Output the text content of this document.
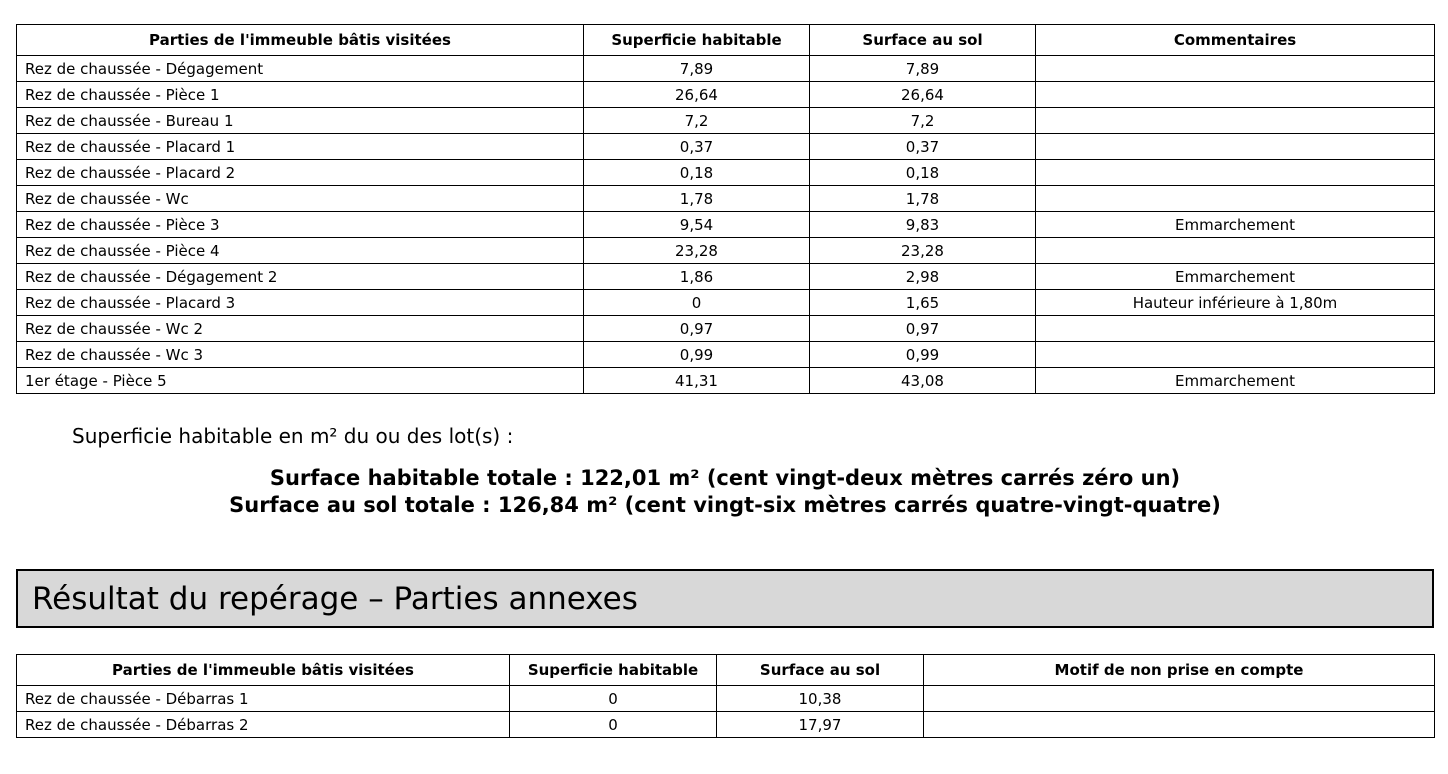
Parties de l'immeuble bâtis visitées	Superficie habitable	Surface au sol	Commentaires
Rez de chaussée - Dégagement	7,89	7,89	
Rez de chaussée - Pièce 1	26,64	26,64	
Rez de chaussée - Bureau 1	7,2	7,2	
Rez de chaussée - Placard 1	0,37	0,37	
Rez de chaussée - Placard 2	0,18	0,18	
Rez de chaussée - Wc	1,78	1,78	
Rez de chaussée - Pièce 3	9,54	9,83	Emmarchement
Rez de chaussée - Pièce 4	23,28	23,28	
Rez de chaussée - Dégagement 2	1,86	2,98	Emmarchement
Rez de chaussée - Placard 3	0	1,65	Hauteur inférieure à 1,80m
Rez de chaussée - Wc 2	0,97	0,97	
Rez de chaussée - Wc 3	0,99	0,99	
1er étage - Pièce 5	41,31	43,08	Emmarchement
Superficie habitable en m² du ou des lot(s) :
Surface habitable totale : 122,01 m² (cent vingt-deux mètres carrés zéro un)
Surface au sol totale : 126,84 m² (cent vingt-six mètres carrés quatre-vingt-quatre)
Résultat du repérage – Parties annexes
Parties de l'immeuble bâtis visitées	Superficie habitable	Surface au sol	Motif de non prise en compte
Rez de chaussée - Débarras 1	0	10,38	
Rez de chaussée - Débarras 2	0	17,97	
